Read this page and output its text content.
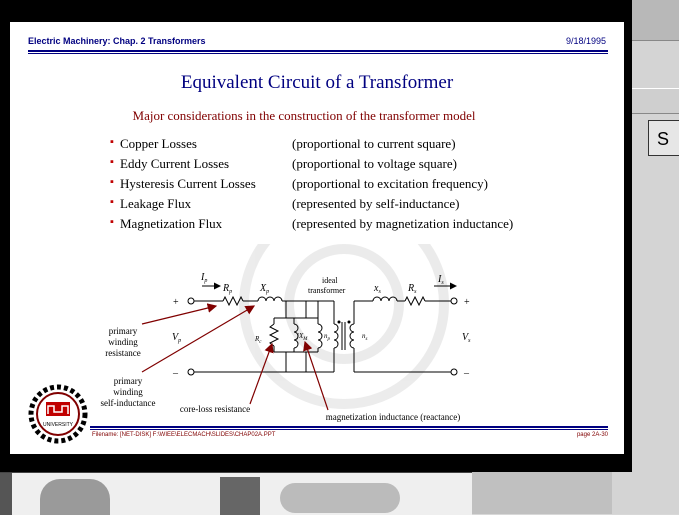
S
Electric Machinery: Chap. 2 Transformers	9/18/1995
Equivalent Circuit of a Transformer
Major considerations in the construction of the transformer model
▪ Copper Losses	(proportional to current square)
▪ Eddy Current Losses	(proportional to voltage square)
▪ Hysteresis Current Losses	(proportional to excitation frequency)
▪ Leakage Flux	(represented by self-inductance)
▪ Magnetization Flux	(represented by magnetization inductance)
$I_p$
$R_p$	$X_p$	$x_s$	$R_s$
$I_s$
$V_p$	$V_s$
$R_c$
$jX_M$ $n_p$	$n_s$
+	+
–	–
ideal
transformer
primary
winding
resistance
primary
winding
self-inductance
core-loss resistance
magnetization inductance (reactance)
UNIVERSITY
Filename: [NET-DISK] F:\WIEE\ELECMACH\SLIDES\CHAP02A.PPT	page 2A-30
